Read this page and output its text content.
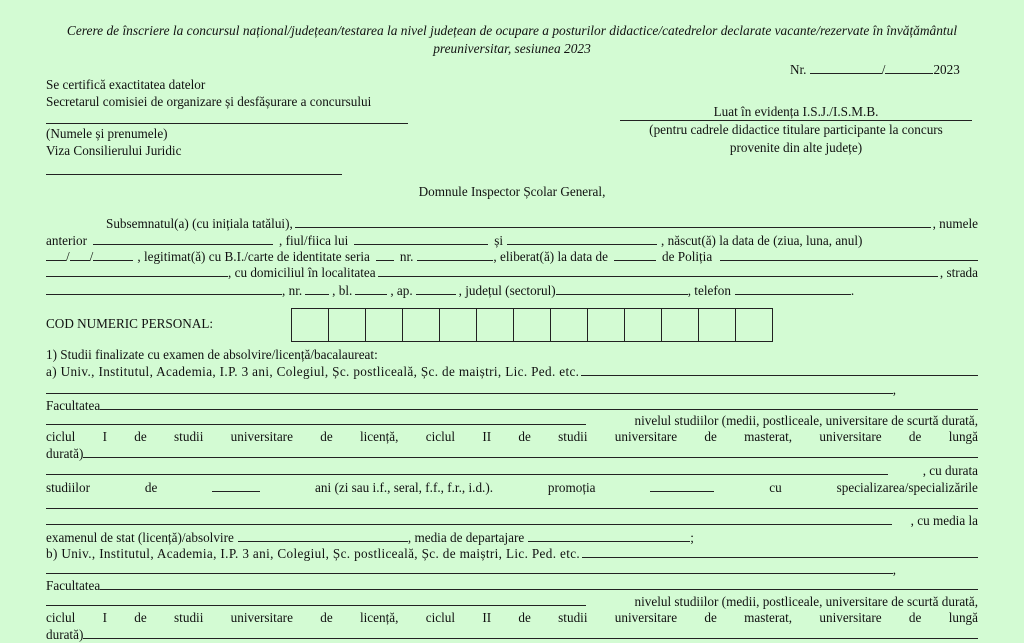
Cerere de înscriere la concursul național/județean/testarea la nivel județean de ocupare a posturilor didactice/catedrelor declarate vacante/rezervate în învățământul preuniversitar, sesiunea 2023
Nr.	/	2023
Se certifică exactitatea datelor
Secretarul comisiei de organizare și desfășurare a concursului
(Numele și prenumele)
Viza Consilierului Juridic
Luat în evidența I.S.J./I.S.M.B.
(pentru cadrele didactice titulare participante la concurs
provenite din alte județe)
Domnule Inspector Școlar General,
Subsemnatul(a) (cu inițiala tatălui),	, numele
anterior	, fiul/fiica lui	și	, născut(ă) la data de (ziua, luna, anul)
/ /	, legitimat(ă) cu B.I./carte de identitate seria nr.	, eliberat(ă) la data de	de Poliția
, cu domiciliul în localitatea	, strada
, nr. , bl.	, ap.	, județul (sectorul)	, telefon	.
COD NUMERIC PERSONAL:
1) Studii finalizate cu examen de absolvire/licență/bacalaureat:
a) Univ., Institutul, Academia, I.P. 3 ani, Colegiul, Șc. postliceală, Șc. de maiștri, Lic. Ped. etc.
,
Facultatea
nivelul studiilor (medii, postliceale, universitare de scurtă durată,
ciclul I de studii universitare de licență, ciclul II de studii universitare de masterat, universitare de lungă
durată)
, cu durata
studiilor	de	ani (zi sau i.f., seral, f.f., f.r., i.d.).	promoția	cu	specializarea/specializările
, cu media la
examenul de stat (licență)/absolvire	, media de departajare	;
b) Univ., Institutul, Academia, I.P. 3 ani, Colegiul, Șc. postliceală, Șc. de maiștri, Lic. Ped. etc.
,
Facultatea
nivelul studiilor (medii, postliceale, universitare de scurtă durată,
ciclul I de studii universitare de licență, ciclul II de studii universitare de masterat, universitare de lungă
durată)
